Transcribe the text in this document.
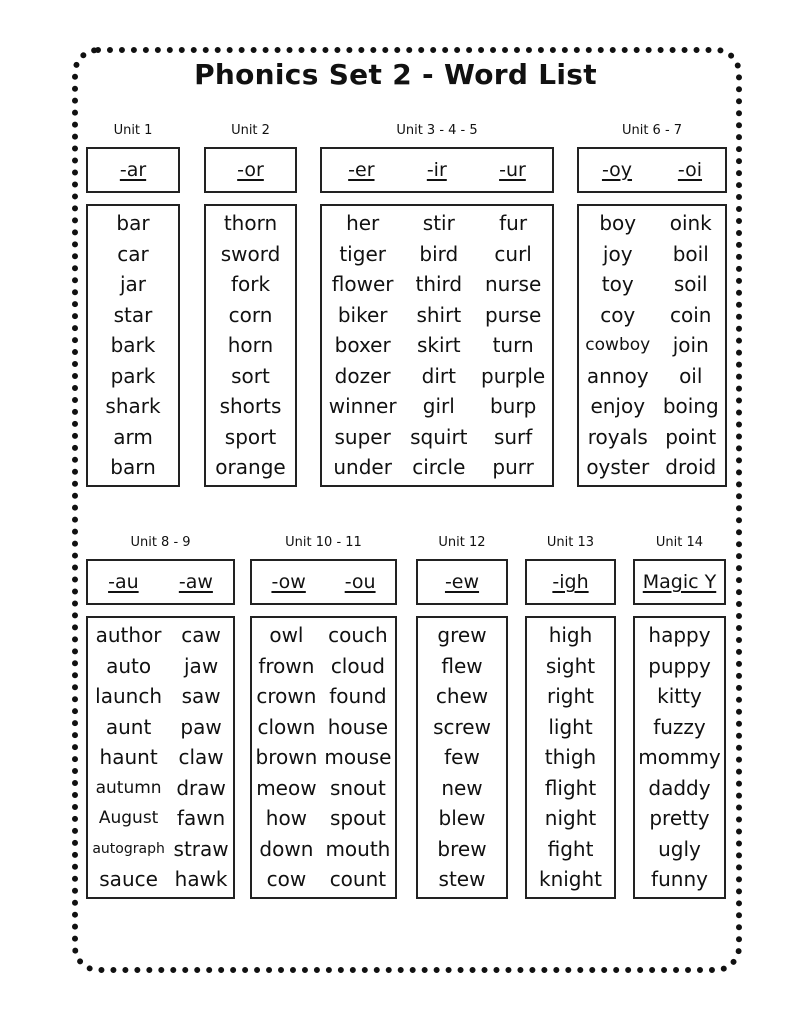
Phonics Set 2 - Word List
Unit 1
-ar
bar
car
jar
star
bark
park
shark
arm
barn
Unit 2
-or
thorn
sword
fork
corn
horn
sort
shorts
sport
orange
Unit 3 - 4 - 5
-er	-ir	-ur
her
tiger
flower
biker
boxer
dozer
winner
super
under
stir
bird
third
shirt
skirt
dirt
girl
squirt
circle
fur
curl
nurse
purse
turn
purple
burp
surf
purr
Unit 6 - 7
-oy -oi
boy
joy
toy
coy
cowboy
annoy
enjoy
royals
oyster
oink
boil
soil
coin
join
oil
boing
point
droid
Unit 8 - 9
-au -aw
author
auto
launch
aunt
haunt
autumn
August
autograph
sauce
caw
jaw
saw
paw
claw
draw
fawn
straw
hawk
Unit 10 - 11
-ow -ou
owl
frown
crown
clown
brown
meow
how
down
cow
couch
cloud
found
house
mouse
snout
spout
mouth
count
Unit 12
-ew
grew
flew
chew
screw
few
new
blew
brew
stew
Unit 13
-igh
high
sight
right
light
thigh
flight
night
fight
knight
Unit 14
Magic Y
happy
puppy
kitty
fuzzy
mommy
daddy
pretty
ugly
funny
